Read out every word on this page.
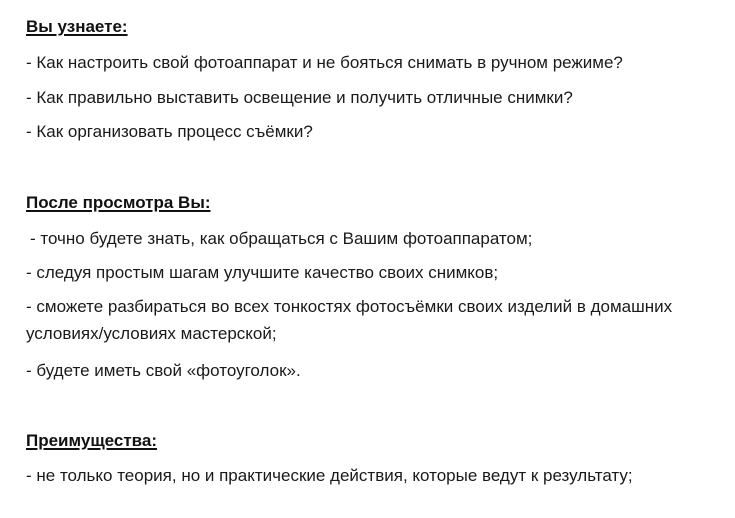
Вы узнаете:
- Как настроить свой фотоаппарат и не бояться снимать в ручном режиме?
- Как правильно выставить освещение и получить отличные снимки?
- Как организовать процесс съёмки?
После просмотра Вы:
- точно будете знать, как обращаться с Вашим фотоаппаратом;
- следуя простым шагам улучшите качество своих снимков;
- сможете разбираться во всех тонкостях фотосъёмки своих изделий в домашних
условиях/условиях мастерской;
- будете иметь свой «фотоуголок».
Преимущества:
- не только теория, но и практические действия, которые ведут к результату;
